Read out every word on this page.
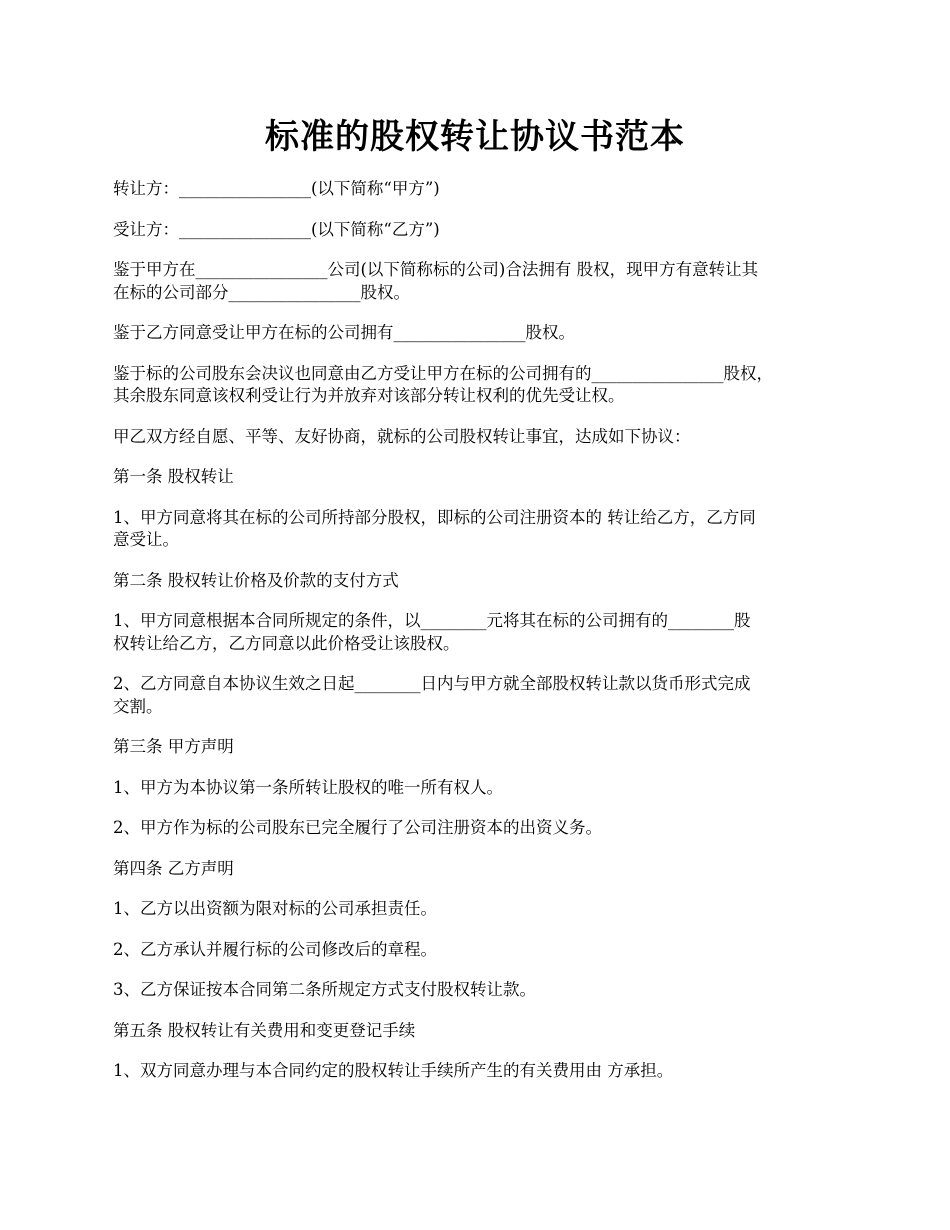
标准的股权转让协议书范本

转让方：________________(以下简称“甲方”)

受让方：________________(以下简称“乙方”)

鉴于甲方在________________公司(以下简称标的公司)合法拥有 股权，现甲方有意转让其
在标的公司部分________________股权。

鉴于乙方同意受让甲方在标的公司拥有________________股权。

鉴于标的公司股东会决议也同意由乙方受让甲方在标的公司拥有的________________股权，
其余股东同意该权利受让行为并放弃对该部分转让权利的优先受让权。

甲乙双方经自愿、平等、友好协商，就标的公司股权转让事宜，达成如下协议：

第一条 股权转让

1、甲方同意将其在标的公司所持部分股权，即标的公司注册资本的 转让给乙方，乙方同
意受让。

第二条 股权转让价格及价款的支付方式

1、甲方同意根据本合同所规定的条件，以________元将其在标的公司拥有的________股
权转让给乙方，乙方同意以此价格受让该股权。

2、乙方同意自本协议生效之日起________日内与甲方就全部股权转让款以货币形式完成
交割。

第三条 甲方声明

1、甲方为本协议第一条所转让股权的唯一所有权人。

2、甲方作为标的公司股东已完全履行了公司注册资本的出资义务。

第四条 乙方声明

1、乙方以出资额为限对标的公司承担责任。

2、乙方承认并履行标的公司修改后的章程。

3、乙方保证按本合同第二条所规定方式支付股权转让款。

第五条 股权转让有关费用和变更登记手续

1、双方同意办理与本合同约定的股权转让手续所产生的有关费用由 方承担。
